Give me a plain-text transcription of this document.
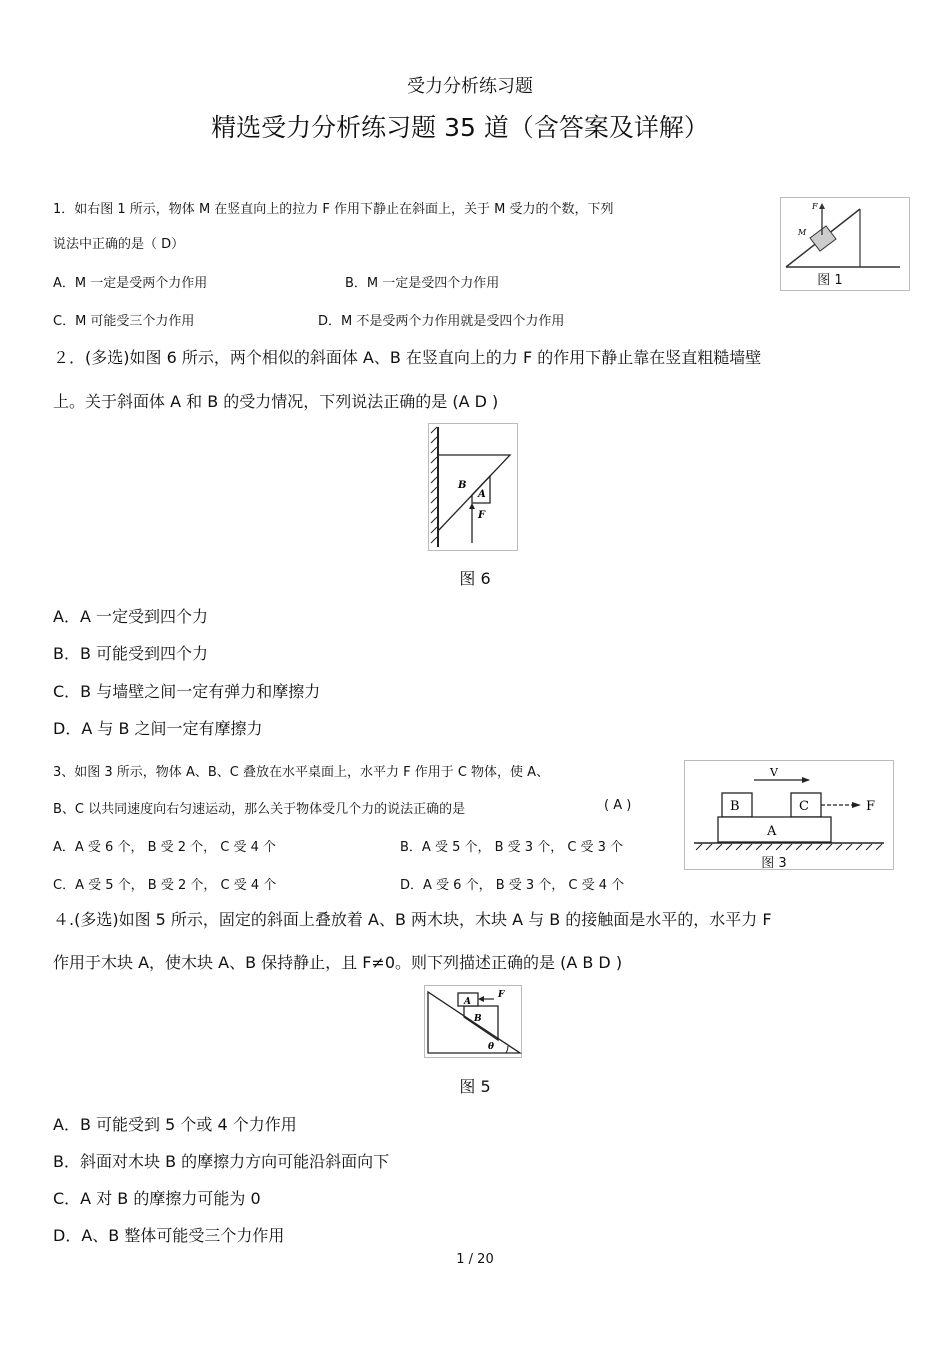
受力分析练习题
精选受力分析练习题 35 道（含答案及详解）
1．如右图 1 所示，物体 M 在竖直向上的拉力 F 作用下静止在斜面上，关于 M 受力的个数，下列
说法中正确的是（ D）
A．M 一定是受两个力作用	B．M 一定是受四个力作用
C．M 可能受三个力作用	D．M 不是受两个力作用就是受四个力作用
F
M
图 1
２．(多选)如图 6 所示，两个相似的斜面体 A、B 在竖直向上的力 F 的作用下静止靠在竖直粗糙墙壁
上。关于斜面体 A 和 B 的受力情况，下列说法正确的是 (A D )
B
A
F
图 6
A．A 一定受到四个力
B．B 可能受到四个力
C．B 与墙壁之间一定有弹力和摩擦力
D．A 与 B 之间一定有摩擦力
3、如图 3 所示，物体 A、B、C 叠放在水平桌面上，水平力 F 作用于 C 物体，使 A、
B、C 以共同速度向右匀速运动，那么关于物体受几个力的说法正确的是	( A )
A．A 受 6 个， B 受 2 个， C 受 4 个	B．A 受 5 个， B 受 3 个， C 受 3 个
C．A 受 5 个， B 受 2 个， C 受 4 个	D．A 受 6 个， B 受 3 个， C 受 4 个
V
B	C
A
F
图 3
４.(多选)如图 5 所示，固定的斜面上叠放着 A、B 两木块，木块 A 与 B 的接触面是水平的，水平力 F
作用于木块 A，使木块 A、B 保持静止，且 F≠0。则下列描述正确的是 (A B D )
A
B
F
θ
图 5
A．B 可能受到 5 个或 4 个力作用
B．斜面对木块 B 的摩擦力方向可能沿斜面向下
C．A 对 B 的摩擦力可能为 0
D．A、B 整体可能受三个力作用
1 / 20
